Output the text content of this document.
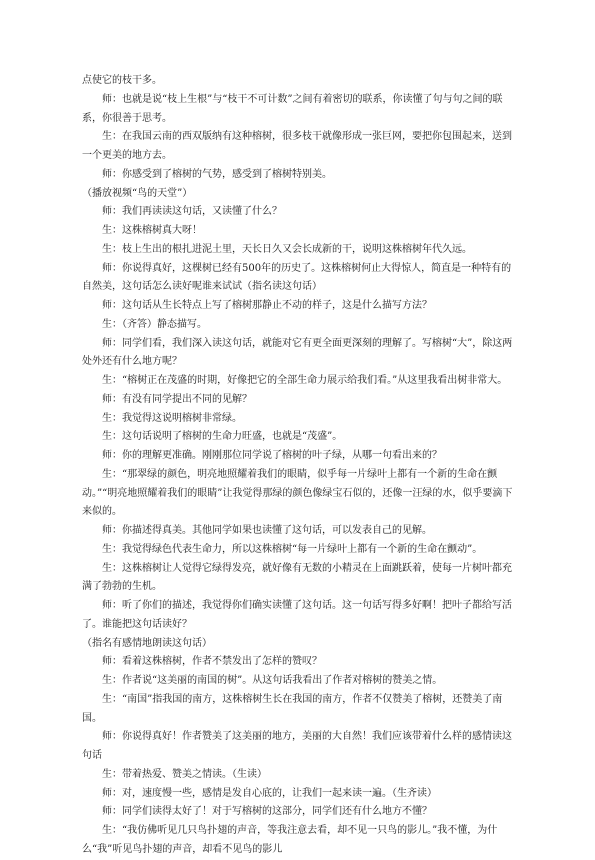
点使它的枝干多。

师：也就是说“枝上生根”与“枝干不可计数”之间有着密切的联系，你读懂了句与句之间的联系，你很善于思考。

生：在我国云南的西双版纳有这种榕树，很多枝干就像形成一张巨网，要把你包围起来，送到一个更美的地方去。

师：你感受到了榕树的气势，感受到了榕树特别美。

（播放视频“鸟的天堂”）

师：我们再读读这句话，又读懂了什么？

生：这株榕树真大呀！

生：枝上生出的根扎进泥土里，天长日久又会长成新的干，说明这株榕树年代久远。

师：你说得真好，这棵树已经有500年的历史了。这株榕树何止大得惊人，简直是一种特有的自然美，这句话怎么读好呢谁来试试（指名读这句话）

师：这句话从生长特点上写了榕树那静止不动的样子，这是什么描写方法？

生：（齐答）静态描写。

师：同学们看，我们深入读这句话，就能对它有更全面更深刻的理解了。写榕树“大”，除这两处外还有什么地方呢？

生：“榕树正在茂盛的时期，好像把它的全部生命力展示给我们看。”从这里我看出树非常大。

师：有没有同学提出不同的见解？

生：我觉得这说明榕树非常绿。

生：这句话说明了榕树的生命力旺盛，也就是“茂盛”。

师：你的理解更准确。刚刚那位同学说了榕树的叶子绿，从哪一句看出来的？

生：“那翠绿的颜色，明亮地照耀着我们的眼睛，似乎每一片绿叶上都有一个新的生命在颤动。”“明亮地照耀着我们的眼睛”让我觉得那绿的颜色像绿宝石似的，还像一汪绿的水，似乎要滴下来似的。

师：你描述得真美。其他同学如果也读懂了这句话，可以发表自己的见解。

生：我觉得绿色代表生命力，所以这株榕树“每一片绿叶上都有一个新的生命在颤动”。

生：这株榕树让人觉得它绿得发亮，就好像有无数的小精灵在上面跳跃着，使每一片树叶都充满了勃勃的生机。

师：听了你们的描述，我觉得你们确实读懂了这句话。这一句话写得多好啊！把叶子都给写活了。谁能把这句话读好？

（指名有感情地朗读这句话）

师：看着这株榕树，作者不禁发出了怎样的赞叹？

生：作者说“这美丽的南国的树”。从这句话我看出了作者对榕树的赞美之情。

生：“南国”指我国的南方，这株榕树生长在我国的南方，作者不仅赞美了榕树，还赞美了南国。

师：你说得真好！作者赞美了这美丽的地方，美丽的大自然！我们应该带着什么样的感情读这句话

生：带着热爱、赞美之情读。（生读）

师：对，速度慢一些，感情是发自心底的，让我们一起来读一遍。（生齐读）

师：同学们读得太好了！对于写榕树的这部分，同学们还有什么地方不懂？

生：“我仿佛听见几只鸟扑翅的声音，等我注意去看，却不见一只鸟的影儿。”我不懂，为什么“我”听见鸟扑翅的声音，却看不见鸟的影儿
